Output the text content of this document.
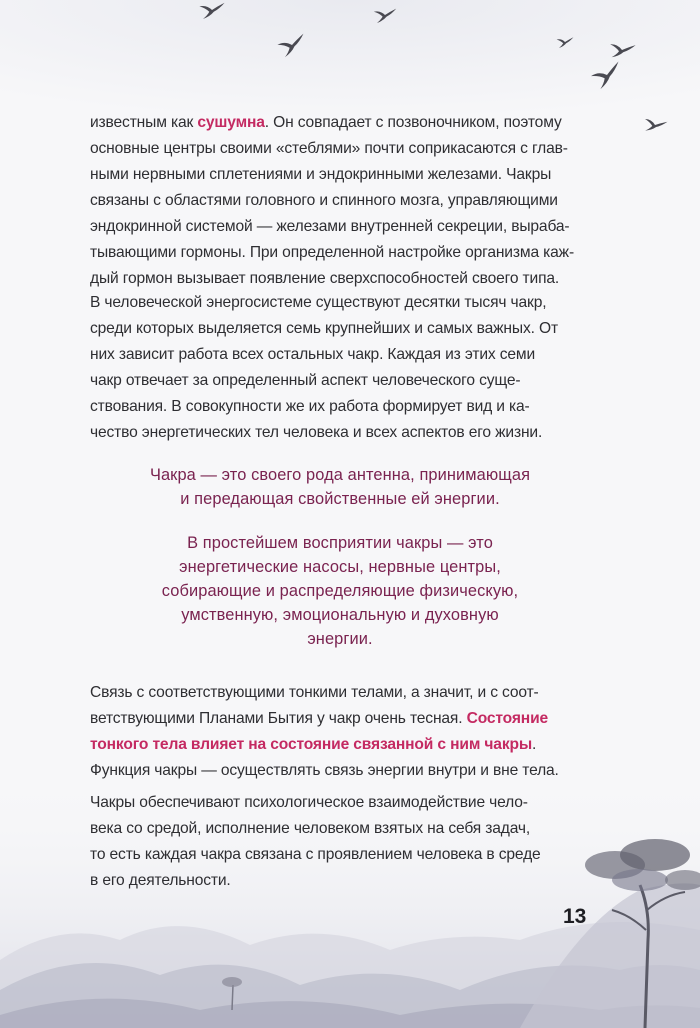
известным как сушумна. Он совпадает с позвоночником, поэтому
основные центры своими «стеблями» почти соприкасаются с глав-
ными нервными сплетениями и эндокринными железами. Чакры
связаны с областями головного и спинного мозга, управляющими
эндокринной системой — железами внутренней секреции, выраба-
тывающими гормоны. При определенной настройке организма каж-
дый гормон вызывает появление сверхспособностей своего типа.

В человеческой энергосистеме существуют десятки тысяч чакр,
среди которых выделяется семь крупнейших и самых важных. От
них зависит работа всех остальных чакр. Каждая из этих семи
чакр отвечает за определенный аспект человеческого суще-
ствования. В совокупности же их работа формирует вид и ка-
чество энергетических тел человека и всех аспектов его жизни.

Чакра — это своего рода антенна, принимающая
и передающая свойственные ей энергии.

В простейшем восприятии чакры — это
энергетические насосы, нервные центры,
собирающие и распределяющие физическую,
умственную, эмоциональную и духовную
энергии.

Связь с соответствующими тонкими телами, а значит, и с соот-
ветствующими Планами Бытия у чакр очень тесная. Состояние
тонкого тела влияет на состояние связанной с ним чакры.

Чакры обеспечивают психологическое взаимодействие чело-
века со средой, исполнение человеком взятых на себя задач,
то есть каждая чакра связана с проявлением человека в среде
в его деятельности.

13
